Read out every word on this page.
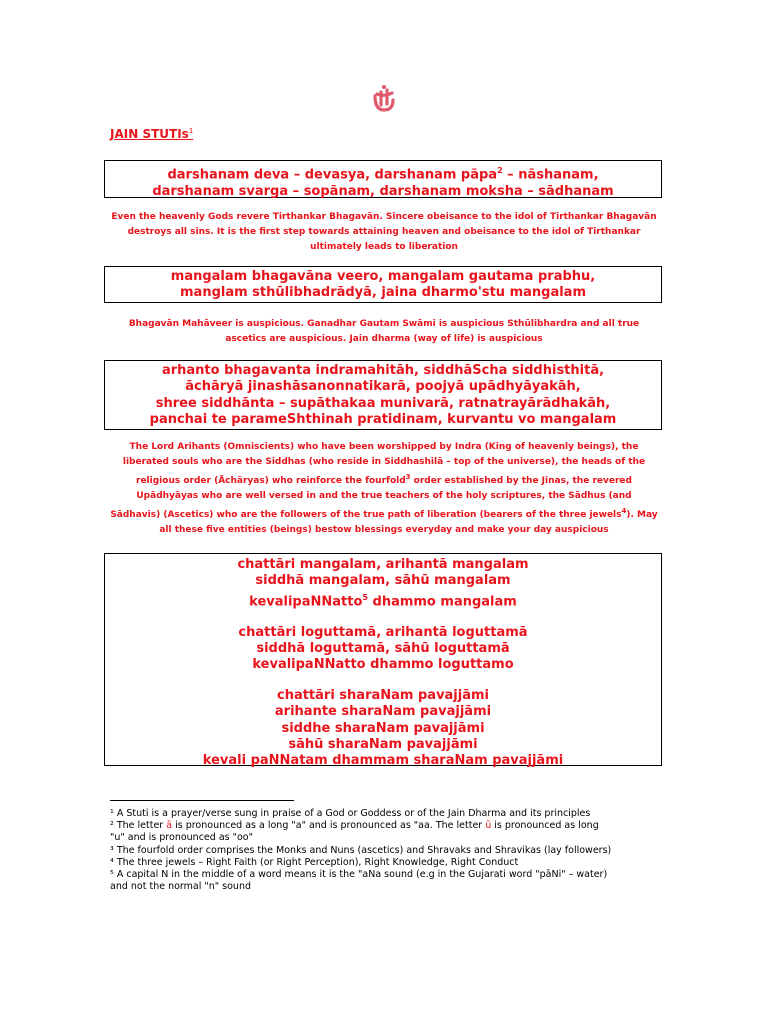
JAIN STUTIs$^1$
darshanam deva – devasya, darshanam pāpa$^2$ – nāshanam,
darshanam svarga – sopānam, darshanam moksha – sādhanam
Even the heavenly Gods revere Tirthankar Bhagavān. Sincere obeisance to the idol of Tirthankar Bhagavān destroys all sins. It is the first step towards attaining heaven and obeisance to the idol of Tirthankar ultimately leads to liberation
mangalam bhagavāna veero, mangalam gautama prabhu,
manglam sthūlibhadrādyā, jaina dharmo'stu mangalam
Bhagavān Mahāveer is auspicious. Ganadhar Gautam Swāmi is auspicious Sthūlibhardra and all true ascetics are auspicious. Jain dharma (way of life) is auspicious
arhanto bhagavanta indramahitāh, siddhāScha siddhisthitā,
āchāryā jinashāsanonnatikarā, poojyā upādhyāyakāh,
shree siddhānta – supāthakaa munivarā, ratnatrayārādhakāh,
panchai te parameShthinah pratidinam, kurvantu vo mangalam
The Lord Arihants (Omniscients) who have been worshipped by Indra (King of heavenly beings), the liberated souls who are the Siddhas (who reside in Siddhashilā – top of the universe), the heads of the religious order (Āchāryas) who reinforce the fourfold$^3$ order established by the Jinas, the revered Upādhyāyas who are well versed in and the true teachers of the holy scriptures, the Sādhus (and Sādhavis) (Ascetics) who are the followers of the true path of liberation (bearers of the three jewels$^4$). May all these five entities (beings) bestow blessings everyday and make your day auspicious
chattāri mangalam, arihantā mangalam
siddhā mangalam, sāhū mangalam
kevalipaNNatto$^5$ dhammo mangalam
chattāri loguttamā, arihantā loguttamā
siddhā loguttamā, sāhū loguttamā
kevalipaNNatto dhammo loguttamo
chattāri sharaNam pavajjāmi
arihante sharaNam pavajjāmi
siddhe sharaNam pavajjāmi
sāhū sharaNam pavajjāmi
kevali paNNatam dhammam sharaNam pavajjāmi
¹ A Stuti is a prayer/verse sung in praise of a God or Goddess or of the Jain Dharma and its principles
² The letter ā is pronounced as a long "a" and is pronounced as "aa. The letter ū is pronounced as long
"u" and is pronounced as "oo"
³ The fourfold order comprises the Monks and Nuns (ascetics) and Shravaks and Shravikas (lay followers)
⁴ The three jewels – Right Faith (or Right Perception), Right Knowledge, Right Conduct
⁵ A capital N in the middle of a word means it is the "aNa sound (e.g in the Gujarati word "pāNi" – water)
and not the normal "n" sound
